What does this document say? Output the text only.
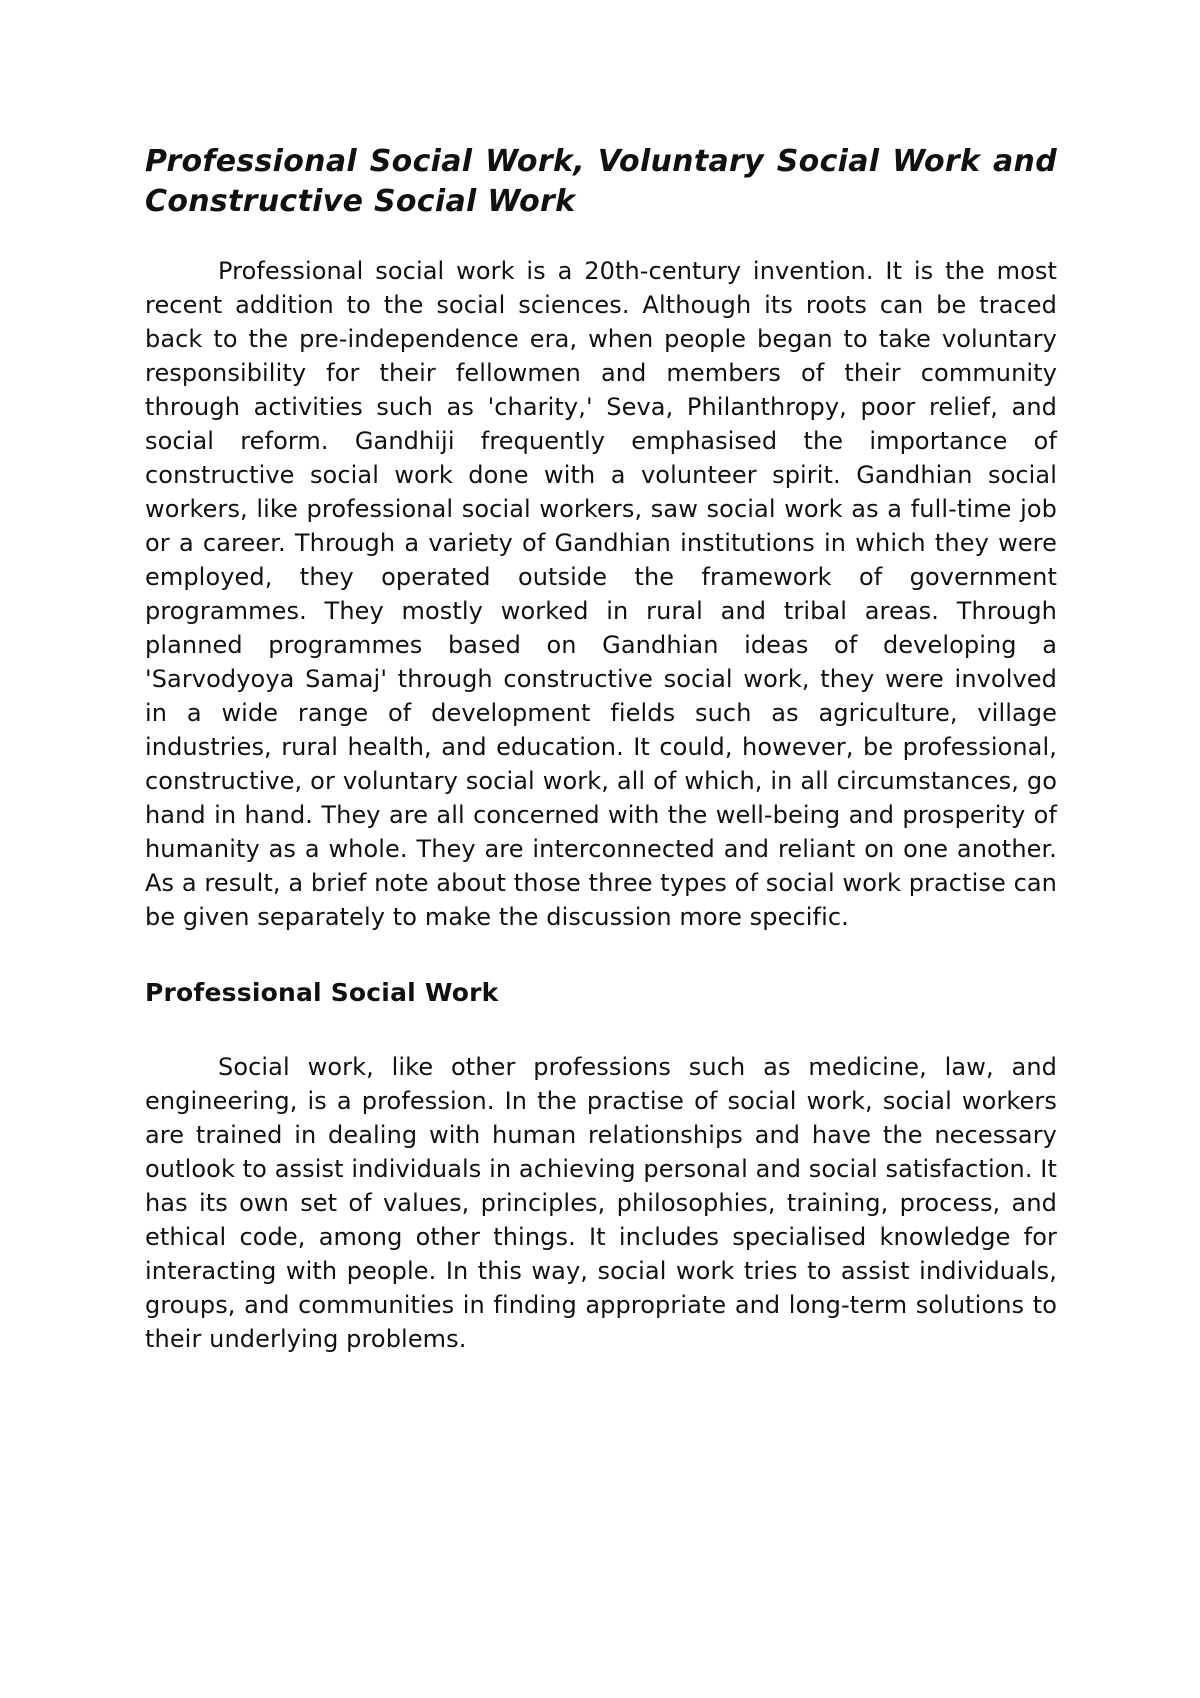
Professional Social Work, Voluntary Social Work and Constructive Social Work

Professional social work is a 20th-century invention. It is the most recent addition to the social sciences. Although its roots can be traced back to the pre-independence era, when people began to take voluntary responsibility for their fellowmen and members of their community through activities such as 'charity,' Seva, Philanthropy, poor relief, and social reform. Gandhiji frequently emphasised the importance of constructive social work done with a volunteer spirit. Gandhian social workers, like professional social workers, saw social work as a full-time job or a career. Through a variety of Gandhian institutions in which they were employed, they operated outside the framework of government programmes. They mostly worked in rural and tribal areas. Through planned programmes based on Gandhian ideas of developing a 'Sarvodyoya Samaj' through constructive social work, they were involved in a wide range of development fields such as agriculture, village industries, rural health, and education. It could, however, be professional, constructive, or voluntary social work, all of which, in all circumstances, go hand in hand. They are all concerned with the well-being and prosperity of humanity as a whole. They are interconnected and reliant on one another. As a result, a brief note about those three types of social work practise can be given separately to make the discussion more specific.

Professional Social Work

Social work, like other professions such as medicine, law, and engineering, is a profession. In the practise of social work, social workers are trained in dealing with human relationships and have the necessary outlook to assist individuals in achieving personal and social satisfaction. It has its own set of values, principles, philosophies, training, process, and ethical code, among other things. It includes specialised knowledge for interacting with people. In this way, social work tries to assist individuals, groups, and communities in finding appropriate and long-term solutions to their underlying problems.
